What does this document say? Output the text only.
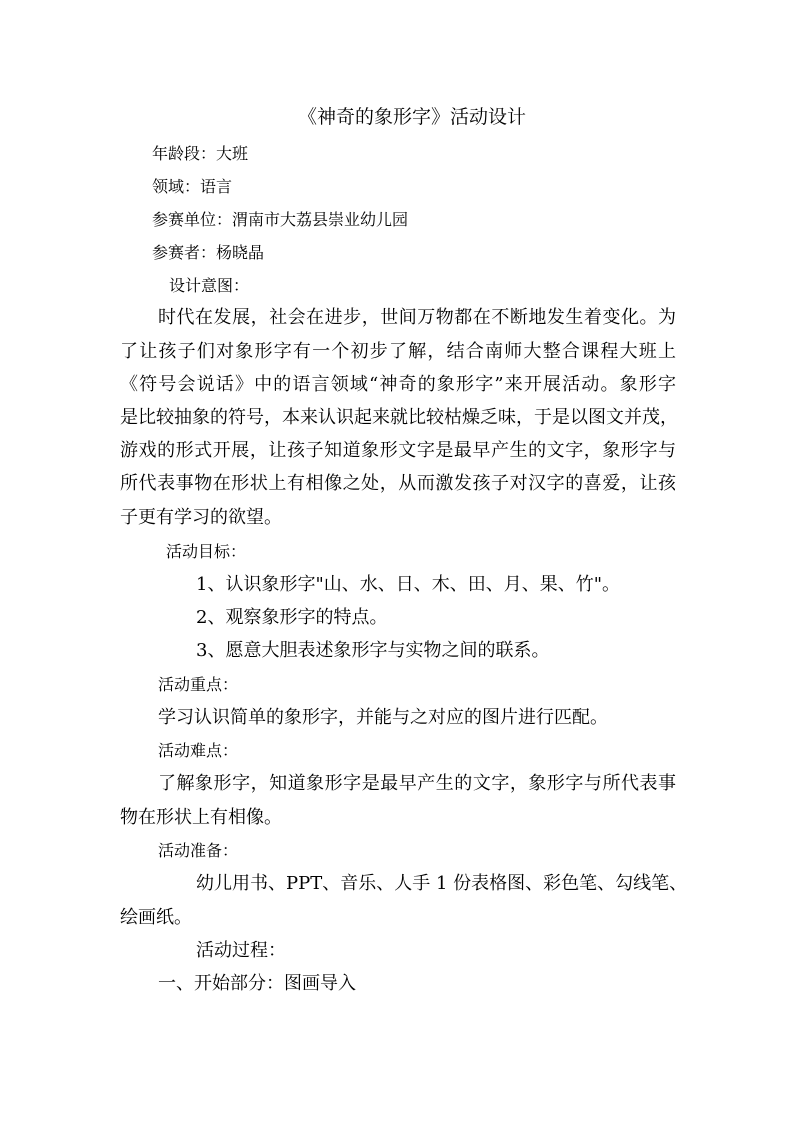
《神奇的象形字》活动设计
年龄段：大班
领域：语言
参赛单位：渭南市大荔县崇业幼儿园
参赛者：杨晓晶
设计意图：
时代在发展，社会在进步，世间万物都在不断地发生着变化。为
了让孩子们对象形字有一个初步了解，结合南师大整合课程大班上
《符号会说话》中的语言领域“神奇的象形字”来开展活动。象形字
是比较抽象的符号，本来认识起来就比较枯燥乏味，于是以图文并茂，
游戏的形式开展，让孩子知道象形文字是最早产生的文字，象形字与
所代表事物在形状上有相像之处，从而激发孩子对汉字的喜爱，让孩
子更有学习的欲望。
活动目标：
1、认识象形字"山、水、日、木、田、月、果、竹"。
2、观察象形字的特点。
3、愿意大胆表述象形字与实物之间的联系。
活动重点：
学习认识简单的象形字，并能与之对应的图片进行匹配。
活动难点：
了解象形字，知道象形字是最早产生的文字，象形字与所代表事
物在形状上有相像。
活动准备：
幼儿用书、PPT、音乐、人手 1 份表格图、彩色笔、勾线笔、
绘画纸。
活动过程：
一、开始部分：图画导入
